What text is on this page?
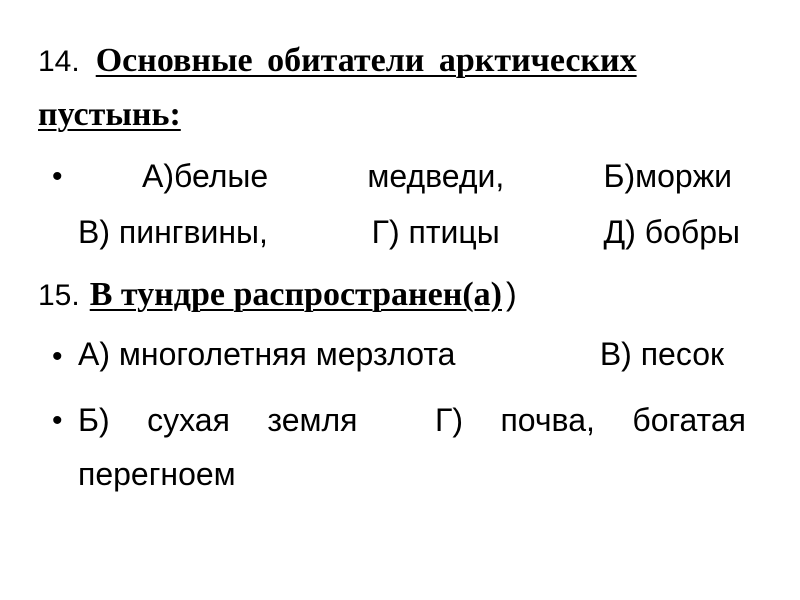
14. Основные обитатели арктических
пустынь:
• А)белые	медведи,	Б)моржи
В) пингвины,	Г) птицы	Д) бобры
15. В тундре распространен(а) )
• А) многолетняя мерзлота	В) песок
• Б) сухая земля Г) почва, богатая
перегноем
